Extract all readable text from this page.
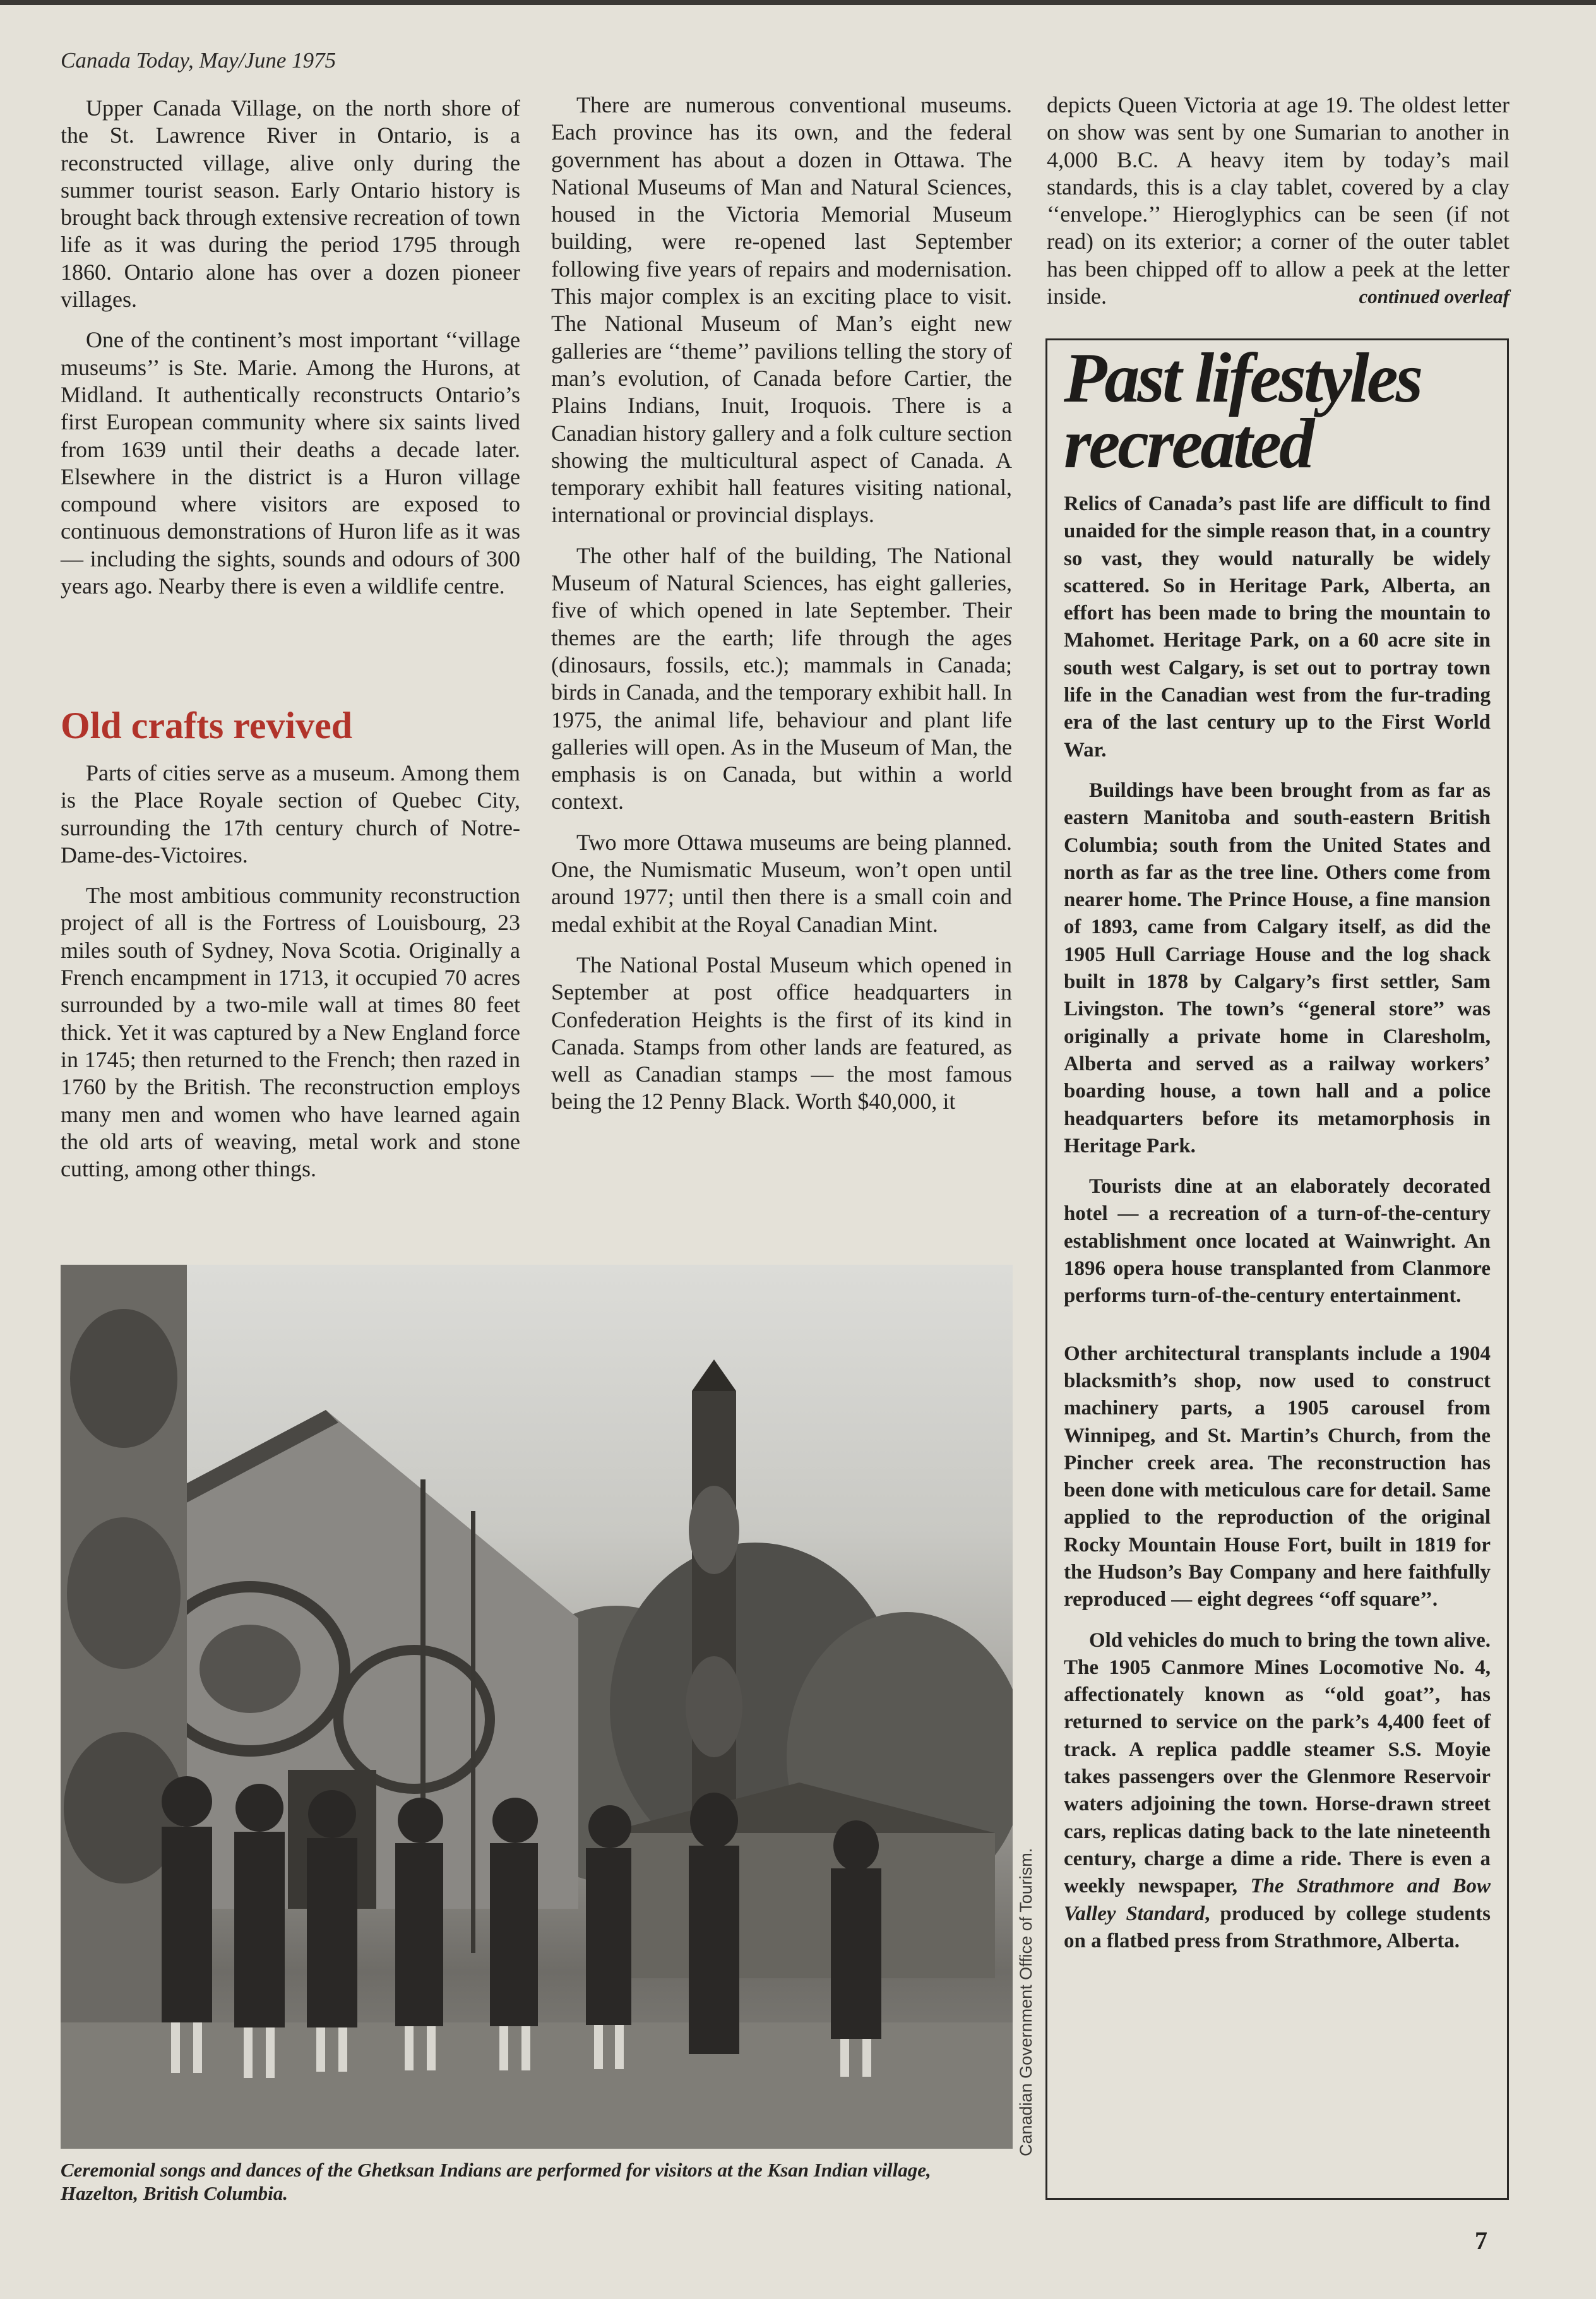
Canada Today, May/June 1975

Upper Canada Village, on the north shore of the St. Lawrence River in Ontario, is a reconstructed village, alive only during the summer tourist season. Early Ontario history is brought back through extensive recreation of town life as it was during the period 1795 through 1860. Ontario alone has over a dozen pioneer villages.

One of the continent’s most important ‘‘village museums’’ is Ste. Marie. Among the Hurons, at Midland. It authentically reconstructs Ontario’s first European community where six saints lived from 1639 until their deaths a decade later. Elsewhere in the district is a Huron village compound where visitors are exposed to continuous demonstrations of Huron life as it was — including the sights, sounds and odours of 300 years ago. Nearby there is even a wildlife centre.

Old crafts revived

Parts of cities serve as a museum. Among them is the Place Royale section of Quebec City, surrounding the 17th century church of Notre-Dame-des-Victoires.

The most ambitious community reconstruction project of all is the Fortress of Louisbourg, 23 miles south of Sydney, Nova Scotia. Originally a French encampment in 1713, it occupied 70 acres surrounded by a two-mile wall at times 80 feet thick. Yet it was captured by a New England force in 1745; then returned to the French; then razed in 1760 by the British. The reconstruction employs many men and women who have learned again the old arts of weaving, metal work and stone cutting, among other things.

There are numerous conventional museums. Each province has its own, and the federal government has about a dozen in Ottawa. The National Museums of Man and Natural Sciences, housed in the Victoria Memorial Museum building, were re-opened last September following five years of repairs and modernisation. This major complex is an exciting place to visit. The National Museum of Man’s eight new galleries are ‘‘theme’’ pavilions telling the story of man’s evolution, of Canada before Cartier, the Plains Indians, Inuit, Iroquois. There is a Canadian history gallery and a folk culture section showing the multicultural aspect of Canada. A temporary exhibit hall features visiting national, international or provincial displays.

The other half of the building, The National Museum of Natural Sciences, has eight galleries, five of which opened in late September. Their themes are the earth; life through the ages (dinosaurs, fossils, etc.); mammals in Canada; birds in Canada, and the temporary exhibit hall. In 1975, the animal life, behaviour and plant life galleries will open. As in the Museum of Man, the emphasis is on Canada, but within a world context.

Two more Ottawa museums are being planned. One, the Numismatic Museum, won’t open until around 1977; until then there is a small coin and medal exhibit at the Royal Canadian Mint.

The National Postal Museum which opened in September at post office headquarters in Confederation Heights is the first of its kind in Canada. Stamps from other lands are featured, as well as Canadian stamps — the most famous being the 12 Penny Black. Worth $40,000, it

depicts Queen Victoria at age 19. The oldest letter on show was sent by one Sumarian to another in 4,000 B.C. A heavy item by today’s mail standards, this is a clay tablet, covered by a clay ‘‘envelope.’’ Hieroglyphics can be seen (if not read) on its exterior; a corner of the outer tablet has been chipped off to allow a peek at the letter inside.	continued overleaf

Past lifestyles recreated

Relics of Canada’s past life are difficult to find unaided for the simple reason that, in a country so vast, they would naturally be widely scattered. So in Heritage Park, Alberta, an effort has been made to bring the mountain to Mahomet. Heritage Park, on a 60 acre site in south west Calgary, is set out to portray town life in the Canadian west from the fur-trading era of the last century up to the First World War.

Buildings have been brought from as far as eastern Manitoba and south-eastern British Columbia; south from the United States and north as far as the tree line. Others come from nearer home. The Prince House, a fine mansion of 1893, came from Calgary itself, as did the 1905 Hull Carriage House and the log shack built in 1878 by Calgary’s first settler, Sam Livingston. The town’s ‘‘general store’’ was originally a private home in Claresholm, Alberta and served as a railway workers’ boarding house, a town hall and a police headquarters before its metamorphosis in Heritage Park.

Tourists dine at an elaborately decorated hotel — a recreation of a turn-of-the-century establishment once located at Wainwright. An 1896 opera house transplanted from Clanmore performs turn-of-the-century entertainment.

Other architectural transplants include a 1904 blacksmith’s shop, now used to construct machinery parts, a 1905 carousel from Winnipeg, and St. Martin’s Church, from the Pincher creek area. The reconstruction has been done with meticulous care for detail. Same applied to the reproduction of the original Rocky Mountain House Fort, built in 1819 for the Hudson’s Bay Company and here faithfully reproduced — eight degrees ‘‘off square’’.

Old vehicles do much to bring the town alive. The 1905 Canmore Mines Locomotive No. 4, affectionately known as ‘‘old goat’’, has returned to service on the park’s 4,400 feet of track. A replica paddle steamer S.S. Moyie takes passengers over the Glenmore Reservoir waters adjoining the town. Horse-drawn street cars, replicas dating back to the late nineteenth century, charge a dime a ride. There is even a weekly newspaper, The Strathmore and Bow Valley Standard, produced by college students on a flatbed press from Strathmore, Alberta.

Canadian Government Office of Tourism.

Ceremonial songs and dances of the Ghetksan Indians are performed for visitors at the Ksan Indian village, Hazelton, British Columbia.

7
